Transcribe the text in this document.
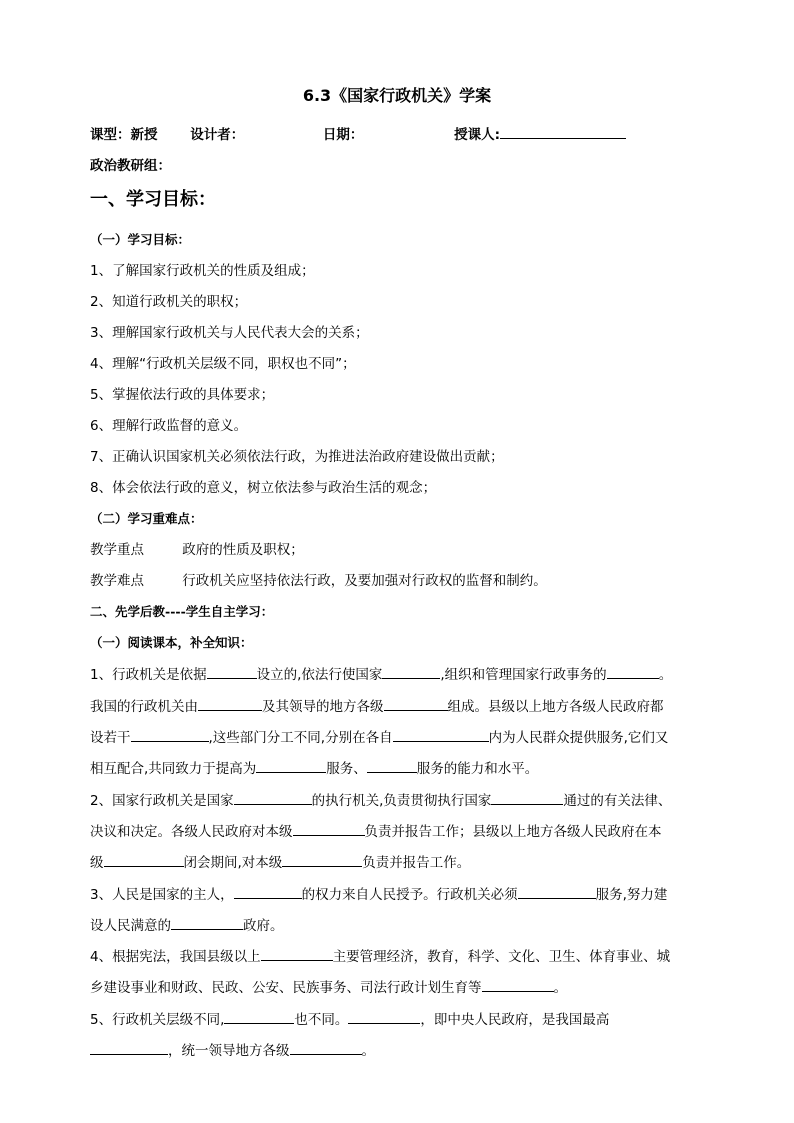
6.3《国家行政机关》学案
课型：新授 设计者：	日期：	授课人:
政治教研组：
一、学习目标：
（一）学习目标：
1、了解国家行政机关的性质及组成；
2、知道行政机关的职权；
3、理解国家行政机关与人民代表大会的关系；
4、理解“行政机关层级不同，职权也不同”；
5、掌握依法行政的具体要求；
6、理解行政监督的意义。
7、正确认识国家机关必须依法行政，为推进法治政府建设做出贡献；
8、体会依法行政的意义，树立依法参与政治生活的观念；
（二）学习重难点：
教学重点	政府的性质及职权；
教学难点	行政机关应坚持依法行政，及要加强对行政权的监督和制约。
二、先学后教----学生自主学习：
（一）阅读课本，补全知识：
1、行政机关是依据	设立的,依法行使国家	,组织和管理国家行政事务的	。
我国的行政机关由	及其领导的地方各级	组成。县级以上地方各级人民政府都
设若干	,这些部门分工不同,分别在各自	内为人民群众提供服务,它们又
相互配合,共同致力于提高为	服务、	服务的能力和水平。
2、国家行政机关是国家	的执行机关,负责贯彻执行国家	通过的有关法律、
决议和决定。各级人民政府对本级	负责并报告工作；县级以上地方各级人民政府在本
级	闭会期间,对本级	负责并报告工作。
3、人民是国家的主人，	的权力来自人民授予。行政机关必须	服务,努力建
设人民满意的	政府。
4、根据宪法，我国县级以上	主要管理经济，教育，科学、文化、卫生、体育事业、城
乡建设事业和财政、民政、公安、民族事务、司法行政计划生育等	。
5、行政机关层级不同,	也不同。	，即中央人民政府，是我国最高
，统一领导地方各级	。
